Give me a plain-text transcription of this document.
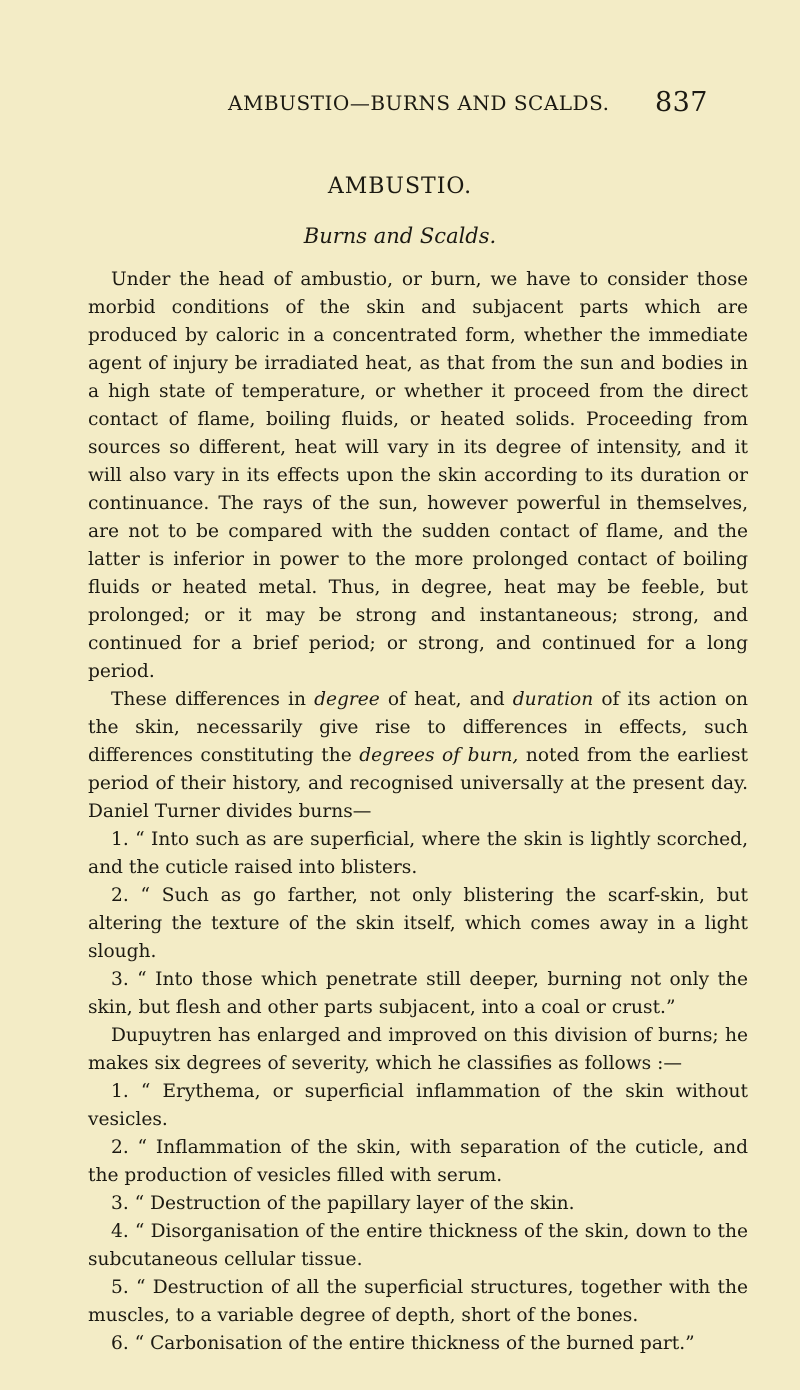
AMBUSTIO—BURNS AND SCALDS. 837
AMBUSTIO.
Burns and Scalds.

Under the head of ambustio, or burn, we have to consider those morbid conditions of the skin and subjacent parts which are produced by caloric in a concentrated form, whether the immediate agent of injury be irradiated heat, as that from the sun and bodies in a high state of temperature, or whether it proceed from the direct contact of flame, boiling fluids, or heated solids. Proceeding from sources so different, heat will vary in its degree of intensity, and it will also vary in its effects upon the skin according to its duration or continuance. The rays of the sun, however powerful in themselves, are not to be compared with the sudden contact of flame, and the latter is inferior in power to the more prolonged contact of boiling fluids or heated metal. Thus, in degree, heat may be feeble, but prolonged; or it may be strong and instantaneous; strong, and continued for a brief period; or strong, and continued for a long period.

These differences in degree of heat, and duration of its action on the skin, necessarily give rise to differences in effects, such differences constituting the degrees of burn, noted from the earliest period of their history, and recognised universally at the present day. Daniel Turner divides burns—

1. “ Into such as are superficial, where the skin is lightly scorched, and the cuticle raised into blisters.

2. “ Such as go farther, not only blistering the scarf-skin, but altering the texture of the skin itself, which comes away in a light slough.

3. “ Into those which penetrate still deeper, burning not only the skin, but flesh and other parts subjacent, into a coal or crust.”

Dupuytren has enlarged and improved on this division of burns; he makes six degrees of severity, which he classifies as follows :—

1. “ Erythema, or superficial inflammation of the skin without vesicles.

2. “ Inflammation of the skin, with separation of the cuticle, and the production of vesicles filled with serum.

3. “ Destruction of the papillary layer of the skin.

4. “ Disorganisation of the entire thickness of the skin, down to the subcutaneous cellular tissue.

5. “ Destruction of all the superficial structures, together with the muscles, to a variable degree of depth, short of the bones.

6. “ Carbonisation of the entire thickness of the burned part.”
